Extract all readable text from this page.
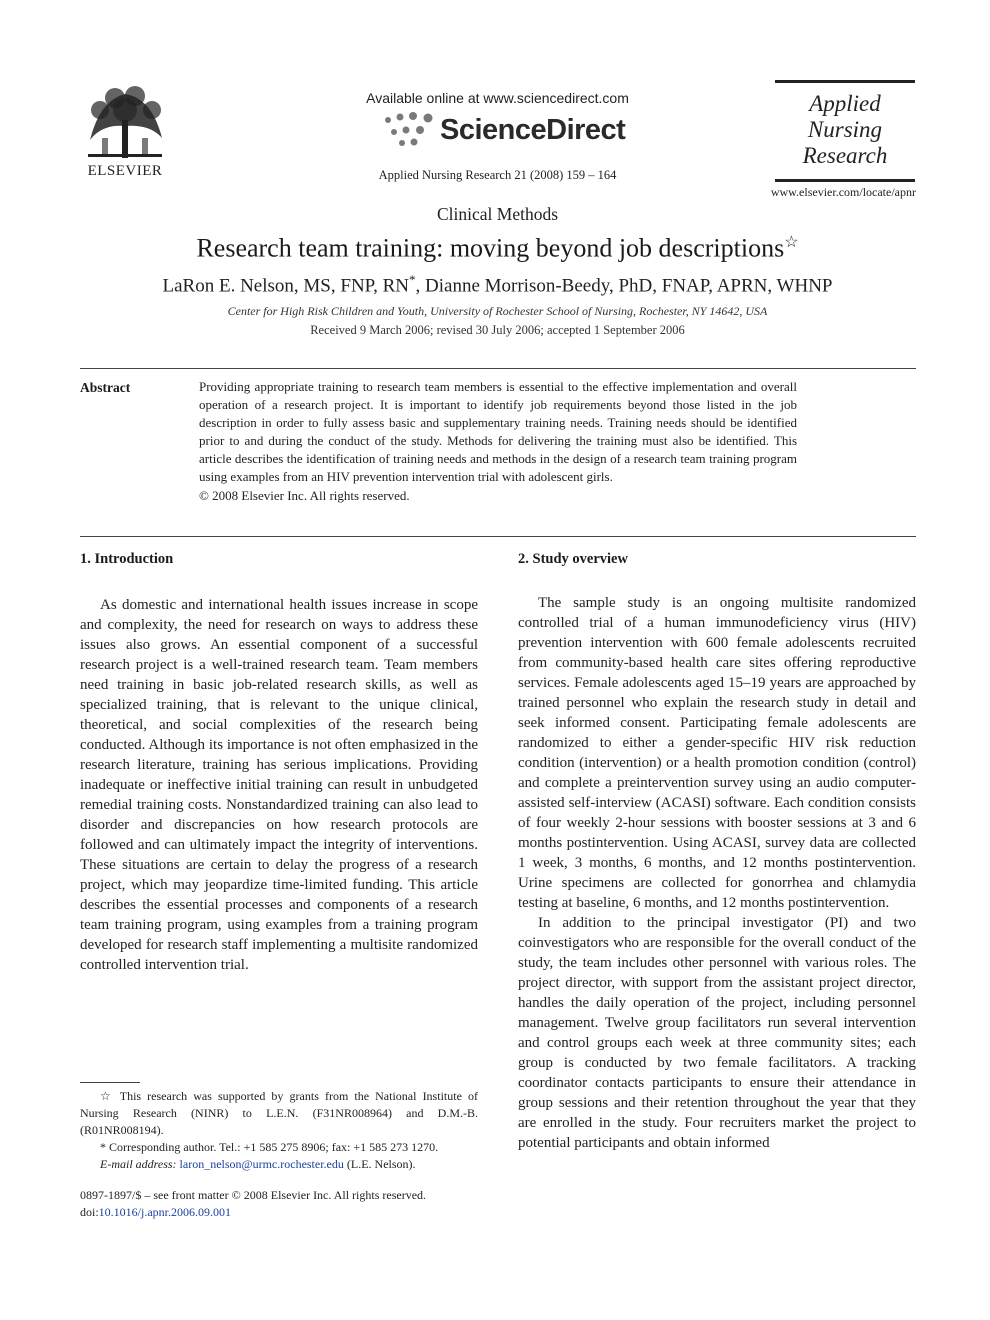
ELSEVIER
Available online at www.sciencedirect.com
ScienceDirect
Applied Nursing Research 21 (2008) 159 – 164
Applied
Nursing
Research
www.elsevier.com/locate/apnr
Clinical Methods
Research team training: moving beyond job descriptions☆
LaRon E. Nelson, MS, FNP, RN*, Dianne Morrison-Beedy, PhD, FNAP, APRN, WHNP
Center for High Risk Children and Youth, University of Rochester School of Nursing, Rochester, NY 14642, USA
Received 9 March 2006; revised 30 July 2006; accepted 1 September 2006
Abstract	Providing appropriate training to research team members is essential to the effective implementation and overall operation of a research project. It is important to identify job requirements beyond those listed in the job description in order to fully assess basic and supplementary training needs. Training needs should be identified prior to and during the conduct of the study. Methods for delivering the training must also be identified. This article describes the identification of training needs and methods in the design of a research team training program using examples from an HIV prevention intervention trial with adolescent girls.
© 2008 Elsevier Inc. All rights reserved.
1. Introduction

As domestic and international health issues increase in scope and complexity, the need for research on ways to address these issues also grows. An essential component of a successful research project is a well-trained research team. Team members need training in basic job-related research skills, as well as specialized training, that is relevant to the unique clinical, theoretical, and social complexities of the research being conducted. Although its importance is not often emphasized in the research literature, training has serious implications. Providing inadequate or ineffective initial training can result in unbudgeted remedial training costs. Nonstandardized training can also lead to disorder and discrepancies on how research protocols are followed and can ultimately impact the integrity of interventions. These situations are certain to delay the progress of a research project, which may jeopardize time-limited funding. This article describes the essential processes and components of a research team training program, using examples from a training program developed for research staff implementing a multisite randomized controlled intervention trial.

2. Study overview

The sample study is an ongoing multisite randomized controlled trial of a human immunodeficiency virus (HIV) prevention intervention with 600 female adolescents recruited from community-based health care sites offering reproductive services. Female adolescents aged 15–19 years are approached by trained personnel who explain the research study in detail and seek informed consent. Participating female adolescents are randomized to either a gender-specific HIV risk reduction condition (intervention) or a health promotion condition (control) and complete a preintervention survey using an audio computer-assisted self-interview (ACASI) software. Each condition consists of four weekly 2-hour sessions with booster sessions at 3 and 6 months postintervention. Using ACASI, survey data are collected 1 week, 3 months, 6 months, and 12 months postintervention. Urine specimens are collected for gonorrhea and chlamydia testing at baseline, 6 months, and 12 months postintervention.

In addition to the principal investigator (PI) and two coinvestigators who are responsible for the overall conduct of the study, the team includes other personnel with various roles. The project director, with support from the assistant project director, handles the daily operation of the project, including personnel management. Twelve group facilitators run several intervention and control groups each week at three community sites; each group is conducted by two female facilitators. A tracking coordinator contacts participants to ensure their attendance in group sessions and their retention throughout the year that they are enrolled in the study. Four recruiters market the project to potential participants and obtain informed

☆ This research was supported by grants from the National Institute of Nursing Research (NINR) to L.E.N. (F31NR008964) and D.M.-B. (R01NR008194).
* Corresponding author. Tel.: +1 585 275 8906; fax: +1 585 273 1270.
E-mail address: laron_nelson@urmc.rochester.edu (L.E. Nelson).
0897-1897/$ – see front matter © 2008 Elsevier Inc. All rights reserved.
doi:10.1016/j.apnr.2006.09.001
